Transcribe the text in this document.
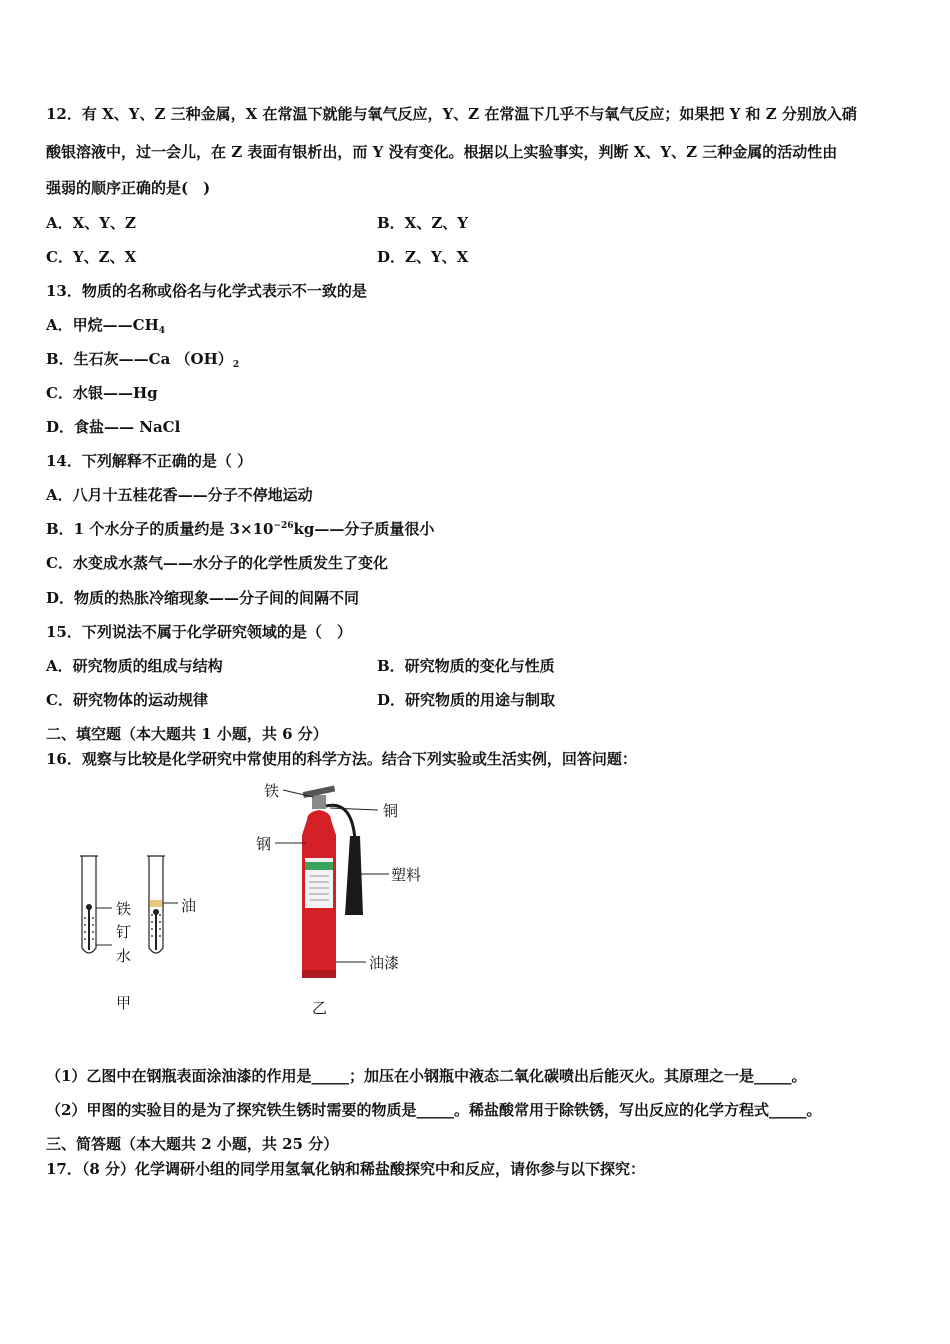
12．有 X、Y、Z 三种金属，X 在常温下就能与氧气反应，Y、Z 在常温下几乎不与氧气反应；如果把 Y 和 Z 分别放入硝
酸银溶液中，过一会儿，在 Z 表面有银析出，而 Y 没有变化。根据以上实验事实，判断 X、Y、Z 三种金属的活动性由
强弱的顺序正确的是(　)
A．X、Y、Z	B．X、Z、Y
C．Y、Z、X	D．Z、Y、X
13．物质的名称或俗名与化学式表示不一致的是
A．甲烷$——CH_4$
B．生石灰——Ca $(OH)_2$
C．水银——Hg
D．食盐—— NaCl
14．下列解释不正确的是（ ）
A．八月十五桂花香——分子不停地运动
B．1 个水分子的质量约是 $3\times 10^{-26}kg——$分子质量很小
C．水变成水蒸气——水分子的化学性质发生了变化
D．物质的热胀冷缩现象——分子间的间隔不同
15．下列说法不属于化学研究领域的是（　）
A．研究物质的组成与结构	B．研究物质的变化与性质
C．研究物体的运动规律	D．研究物质的用途与制取
二、填空题（本大题共 1 小题，共 6 分）
16．观察与比较是化学研究中常使用的科学方法。结合下列实验或生活实例，回答问题：
铁
钉
水
油
甲
铁
铜
钢
塑料
油漆
乙
（1）乙图中在钢瓶表面涂油漆的作用是_____；加压在小钢瓶中液态二氧化碳喷出后能灭火。其原理之一是_____。
（2）甲图的实验目的是为了探究铁生锈时需要的物质是_____。稀盐酸常用于除铁锈，写出反应的化学方程式_____。
三、简答题（本大题共 2 小题，共 25 分）
17．（8 分）化学调研小组的同学用氢氧化钠和稀盐酸探究中和反应，请你参与以下探究：
